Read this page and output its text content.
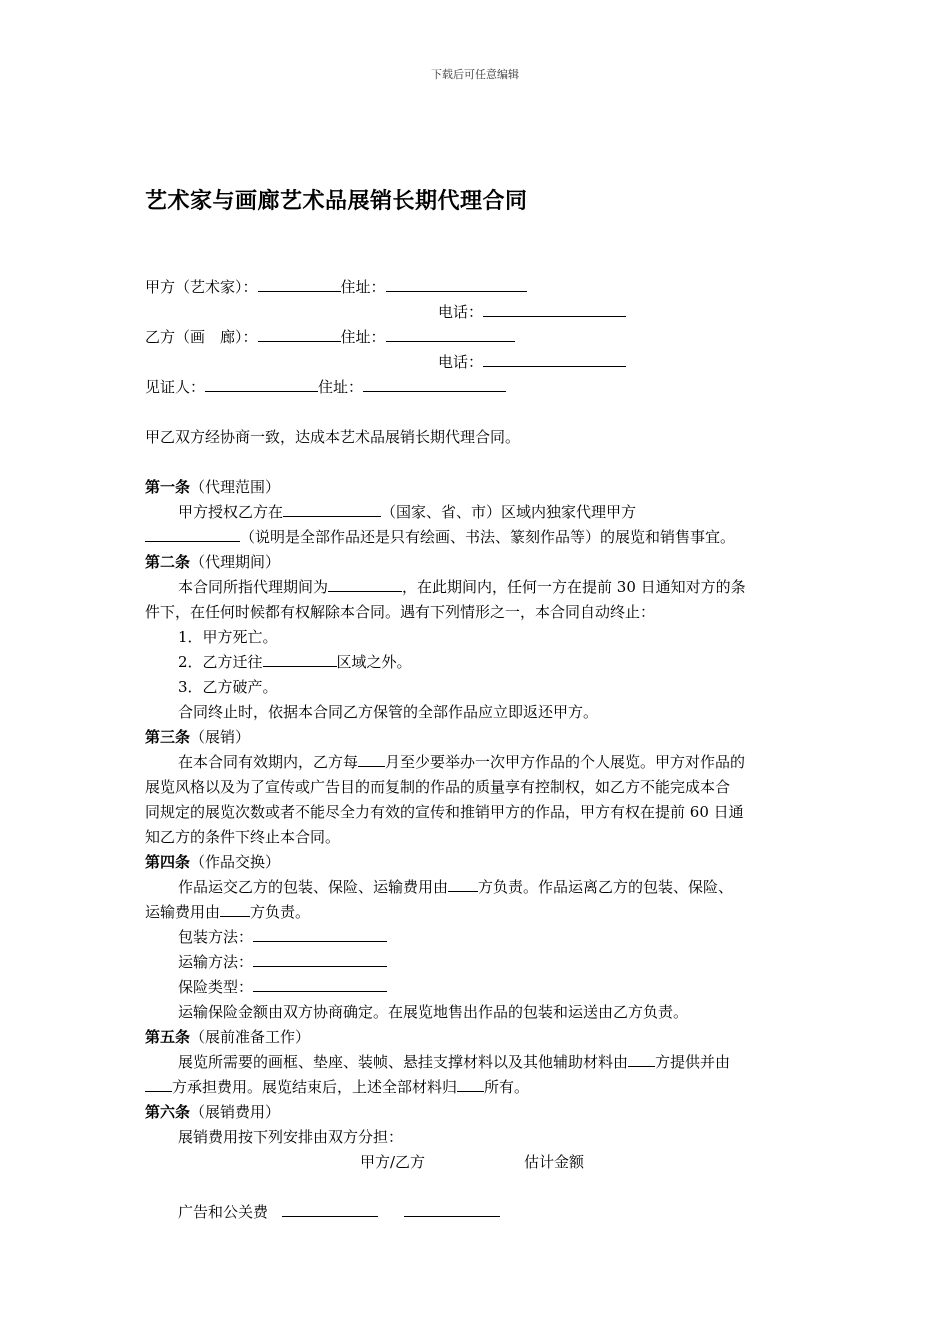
下载后可任意编辑
艺术家与画廊艺术品展销长期代理合同
甲方（艺术家）：	住址：
电话：
乙方（画　廊）：	住址：
电话：
见证人：	住址：
甲乙双方经协商一致，达成本艺术品展销长期代理合同。
第一条（代理范围）
甲方授权乙方在	（国家、省、市）区域内独家代理甲方
（说明是全部作品还是只有绘画、书法、篆刻作品等）的展览和销售事宜。
第二条（代理期间）
本合同所指代理期间为	，在此期间内，任何一方在提前 30 日通知对方的条
件下，在任何时候都有权解除本合同。遇有下列情形之一，本合同自动终止：
1．甲方死亡。
2．乙方迁往	区域之外。
3．乙方破产。
合同终止时，依据本合同乙方保管的全部作品应立即返还甲方。
第三条（展销）
在本合同有效期内，乙方每 月至少要举办一次甲方作品的个人展览。甲方对作品的
展览风格以及为了宣传或广告目的而复制的作品的质量享有控制权，如乙方不能完成本合
同规定的展览次数或者不能尽全力有效的宣传和推销甲方的作品，甲方有权在提前 60 日通
知乙方的条件下终止本合同。
第四条（作品交换）
作品运交乙方的包装、保险、运输费用由 方负责。作品运离乙方的包装、保险、
运输费用由 方负责。
包装方法：
运输方法：
保险类型：
运输保险金额由双方协商确定。在展览地售出作品的包装和运送由乙方负责。
第五条（展前准备工作）
展览所需要的画框、垫座、装帧、悬挂支撑材料以及其他辅助材料由 方提供并由
方承担费用。展览结束后，上述全部材料归 所有。
第六条（展销费用）
展销费用按下列安排由双方分担：
甲方/乙方	估计金额
广告和公关费
